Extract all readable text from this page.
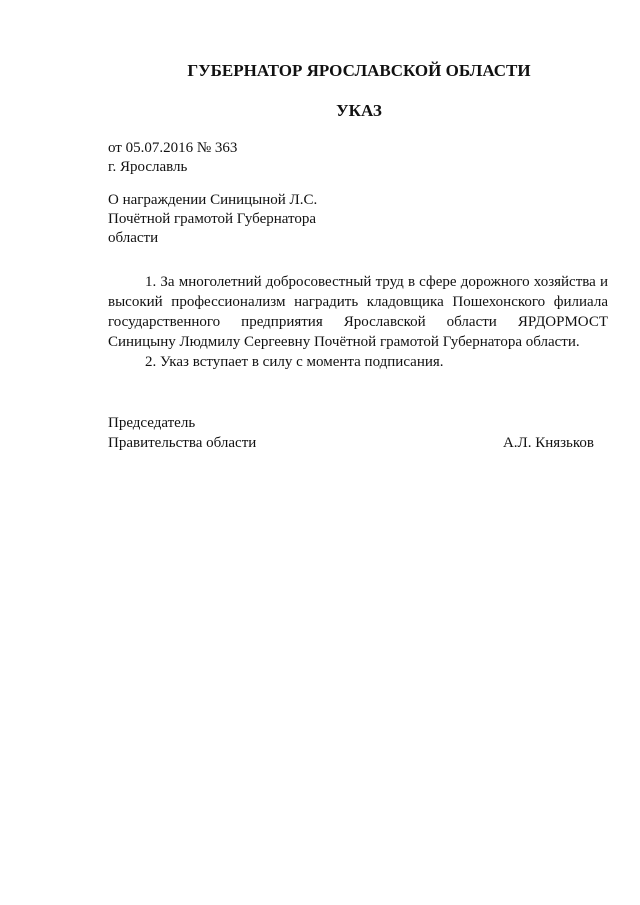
ГУБЕРНАТОР ЯРОСЛАВСКОЙ ОБЛАСТИ
УКАЗ
от 05.07.2016 № 363
г. Ярославль
О награждении Синицыной Л.С.
Почётной грамотой Губернатора
области

1. За многолетний добросовестный труд в сфере дорожного хозяйства и высокий профессионализм наградить кладовщика Пошехонского филиала государственного предприятия Ярославской области ЯРДОРМОСТ Синицыну Людмилу Сергеевну Почётной грамотой Губернатора области.

2. Указ вступает в силу с момента подписания.

Председатель
Правительства области	А.Л. Князьков
